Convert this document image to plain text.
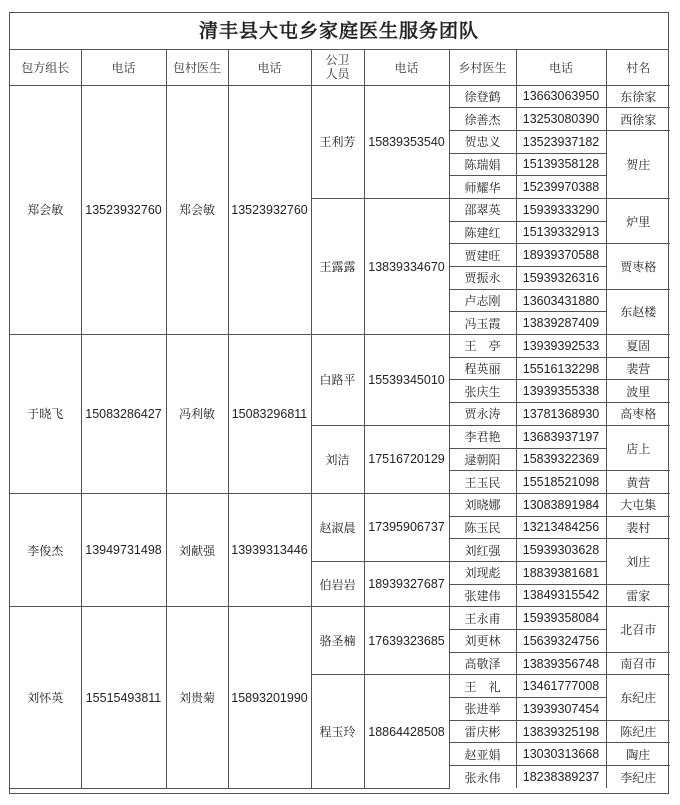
清丰县大屯乡家庭医生服务团队
包方组长	电话	包村医生	电话	公卫人员	电话	乡村医生	电话	村名
郑会敏	13523932760	郑会敏	13523932760	王利芳	15839353540	徐登鹤	13663063950	东徐家
						徐善杰	13253080390	西徐家
						贺忠义	13523937182	贺庄
						陈瑞娟	15139358128	
						师耀华	15239970388	
				王露露	13839334670	邵翠英	15939333290	炉里
						陈建红	15139332913	
						贾建旺	18939370588	贾枣格
						贾振永	15939326316	
						卢志刚	13603431880	东赵楼
						冯玉霞	13839287409	
于晓飞	15083286427	冯利敏	15083296811	白路平	15539345010	王　亭	13939392533	夏固
						程英丽	15516132298	裴营
						张庆生	13939355338	波里
						贾永涛	13781368930	高枣格
				刘洁	17516720129	李君艳	13683937197	店上
						逯朝阳	15839322369	
						王玉民	15518521098	黄营
李俊杰	13949731498	刘献强	13939313446	赵淑晨	17395906737	刘晓娜	13083891984	大屯集
						陈玉民	13213484256	裴村
						刘红强	15939303628	刘庄
				伯岩岩	18939327687	刘现彪	18839381681	
						张建伟	13849315542	雷家
刘怀英	15515493811	刘贵菊	15893201990	骆圣楠	17639323685	王永甫	15939358084	北召市
						刘更林	15639324756	
						高敬泽	13839356748	南召市
				程玉玲	18864428508	王　礼	13461777008	东纪庄
						张进举	13939307454	
						雷庆彬	13839325198	陈纪庄
						赵亚娟	13030313668	陶庄
						张永伟	18238389237	李纪庄
